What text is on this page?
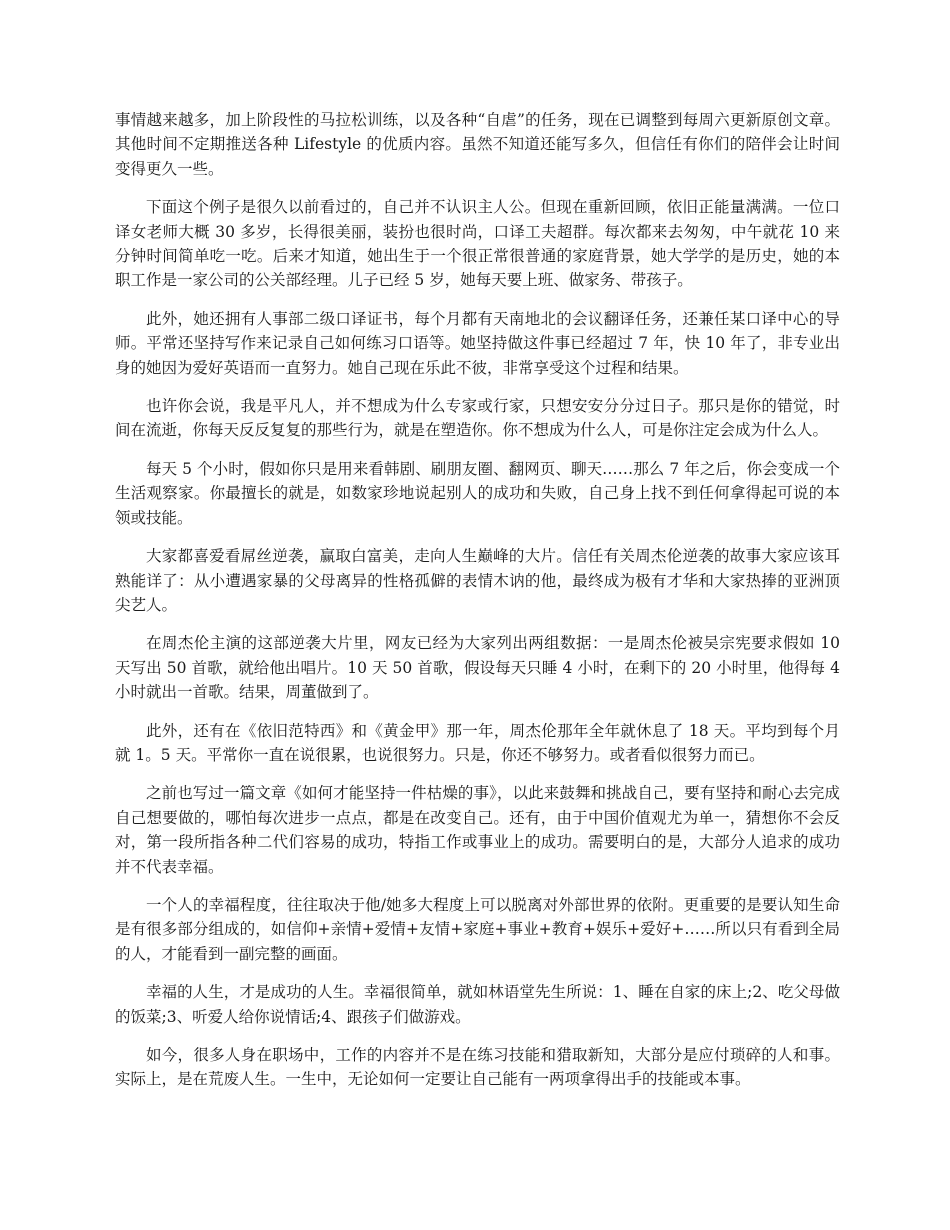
事情越来越多，加上阶段性的马拉松训练，以及各种“自虐”的任务，现在已调整到每周六更新原创文章。其他时间不定期推送各种 Lifestyle 的优质内容。虽然不知道还能写多久，但信任有你们的陪伴会让时间变得更久一些。

下面这个例子是很久以前看过的，自己并不认识主人公。但现在重新回顾，依旧正能量满满。一位口译女老师大概 30 多岁，长得很美丽，装扮也很时尚，口译工夫超群。每次都来去匆匆，中午就花 10 来分钟时间简单吃一吃。后来才知道，她出生于一个很正常很普通的家庭背景，她大学学的是历史，她的本职工作是一家公司的公关部经理。儿子已经 5 岁，她每天要上班、做家务、带孩子。

此外，她还拥有人事部二级口译证书，每个月都有天南地北的会议翻译任务，还兼任某口译中心的导师。平常还坚持写作来记录自己如何练习口语等。她坚持做这件事已经超过 7 年，快 10 年了，非专业出身的她因为爱好英语而一直努力。她自己现在乐此不彼，非常享受这个过程和结果。

也许你会说，我是平凡人，并不想成为什么专家或行家，只想安安分分过日子。那只是你的错觉，时间在流逝，你每天反反复复的那些行为，就是在塑造你。你不想成为什么人，可是你注定会成为什么人。

每天 5 个小时，假如你只是用来看韩剧、刷朋友圈、翻网页、聊天……那么 7 年之后，你会变成一个生活观察家。你最擅长的就是，如数家珍地说起别人的成功和失败，自己身上找不到任何拿得起可说的本领或技能。

大家都喜爱看屌丝逆袭，赢取白富美，走向人生巅峰的大片。信任有关周杰伦逆袭的故事大家应该耳熟能详了：从小遭遇家暴的父母离异的性格孤僻的表情木讷的他，最终成为极有才华和大家热捧的亚洲顶尖艺人。

在周杰伦主演的这部逆袭大片里，网友已经为大家列出两组数据：一是周杰伦被吴宗宪要求假如 10 天写出 50 首歌，就给他出唱片。10 天 50 首歌，假设每天只睡 4 小时，在剩下的 20 小时里，他得每 4 小时就出一首歌。结果，周董做到了。

此外，还有在《依旧范特西》和《黄金甲》那一年，周杰伦那年全年就休息了 18 天。平均到每个月就 1。5 天。平常你一直在说很累，也说很努力。只是，你还不够努力。或者看似很努力而已。

之前也写过一篇文章《如何才能坚持一件枯燥的事》，以此来鼓舞和挑战自己，要有坚持和耐心去完成自己想要做的，哪怕每次进步一点点，都是在改变自己。还有，由于中国价值观尤为单一，猜想你不会反对，第一段所指各种二代们容易的成功，特指工作或事业上的成功。需要明白的是，大部分人追求的成功并不代表幸福。

一个人的幸福程度，往往取决于他/她多大程度上可以脱离对外部世界的依附。更重要的是要认知生命是有很多部分组成的，如信仰+亲情+爱情+友情+家庭+事业+教育+娱乐+爱好+……所以只有看到全局的人，才能看到一副完整的画面。

幸福的人生，才是成功的人生。幸福很简单，就如林语堂先生所说：1、睡在自家的床上;2、吃父母做的饭菜;3、听爱人给你说情话;4、跟孩子们做游戏。

如今，很多人身在职场中，工作的内容并不是在练习技能和猎取新知，大部分是应付琐碎的人和事。实际上，是在荒废人生。一生中，无论如何一定要让自己能有一两项拿得出手的技能或本事。
